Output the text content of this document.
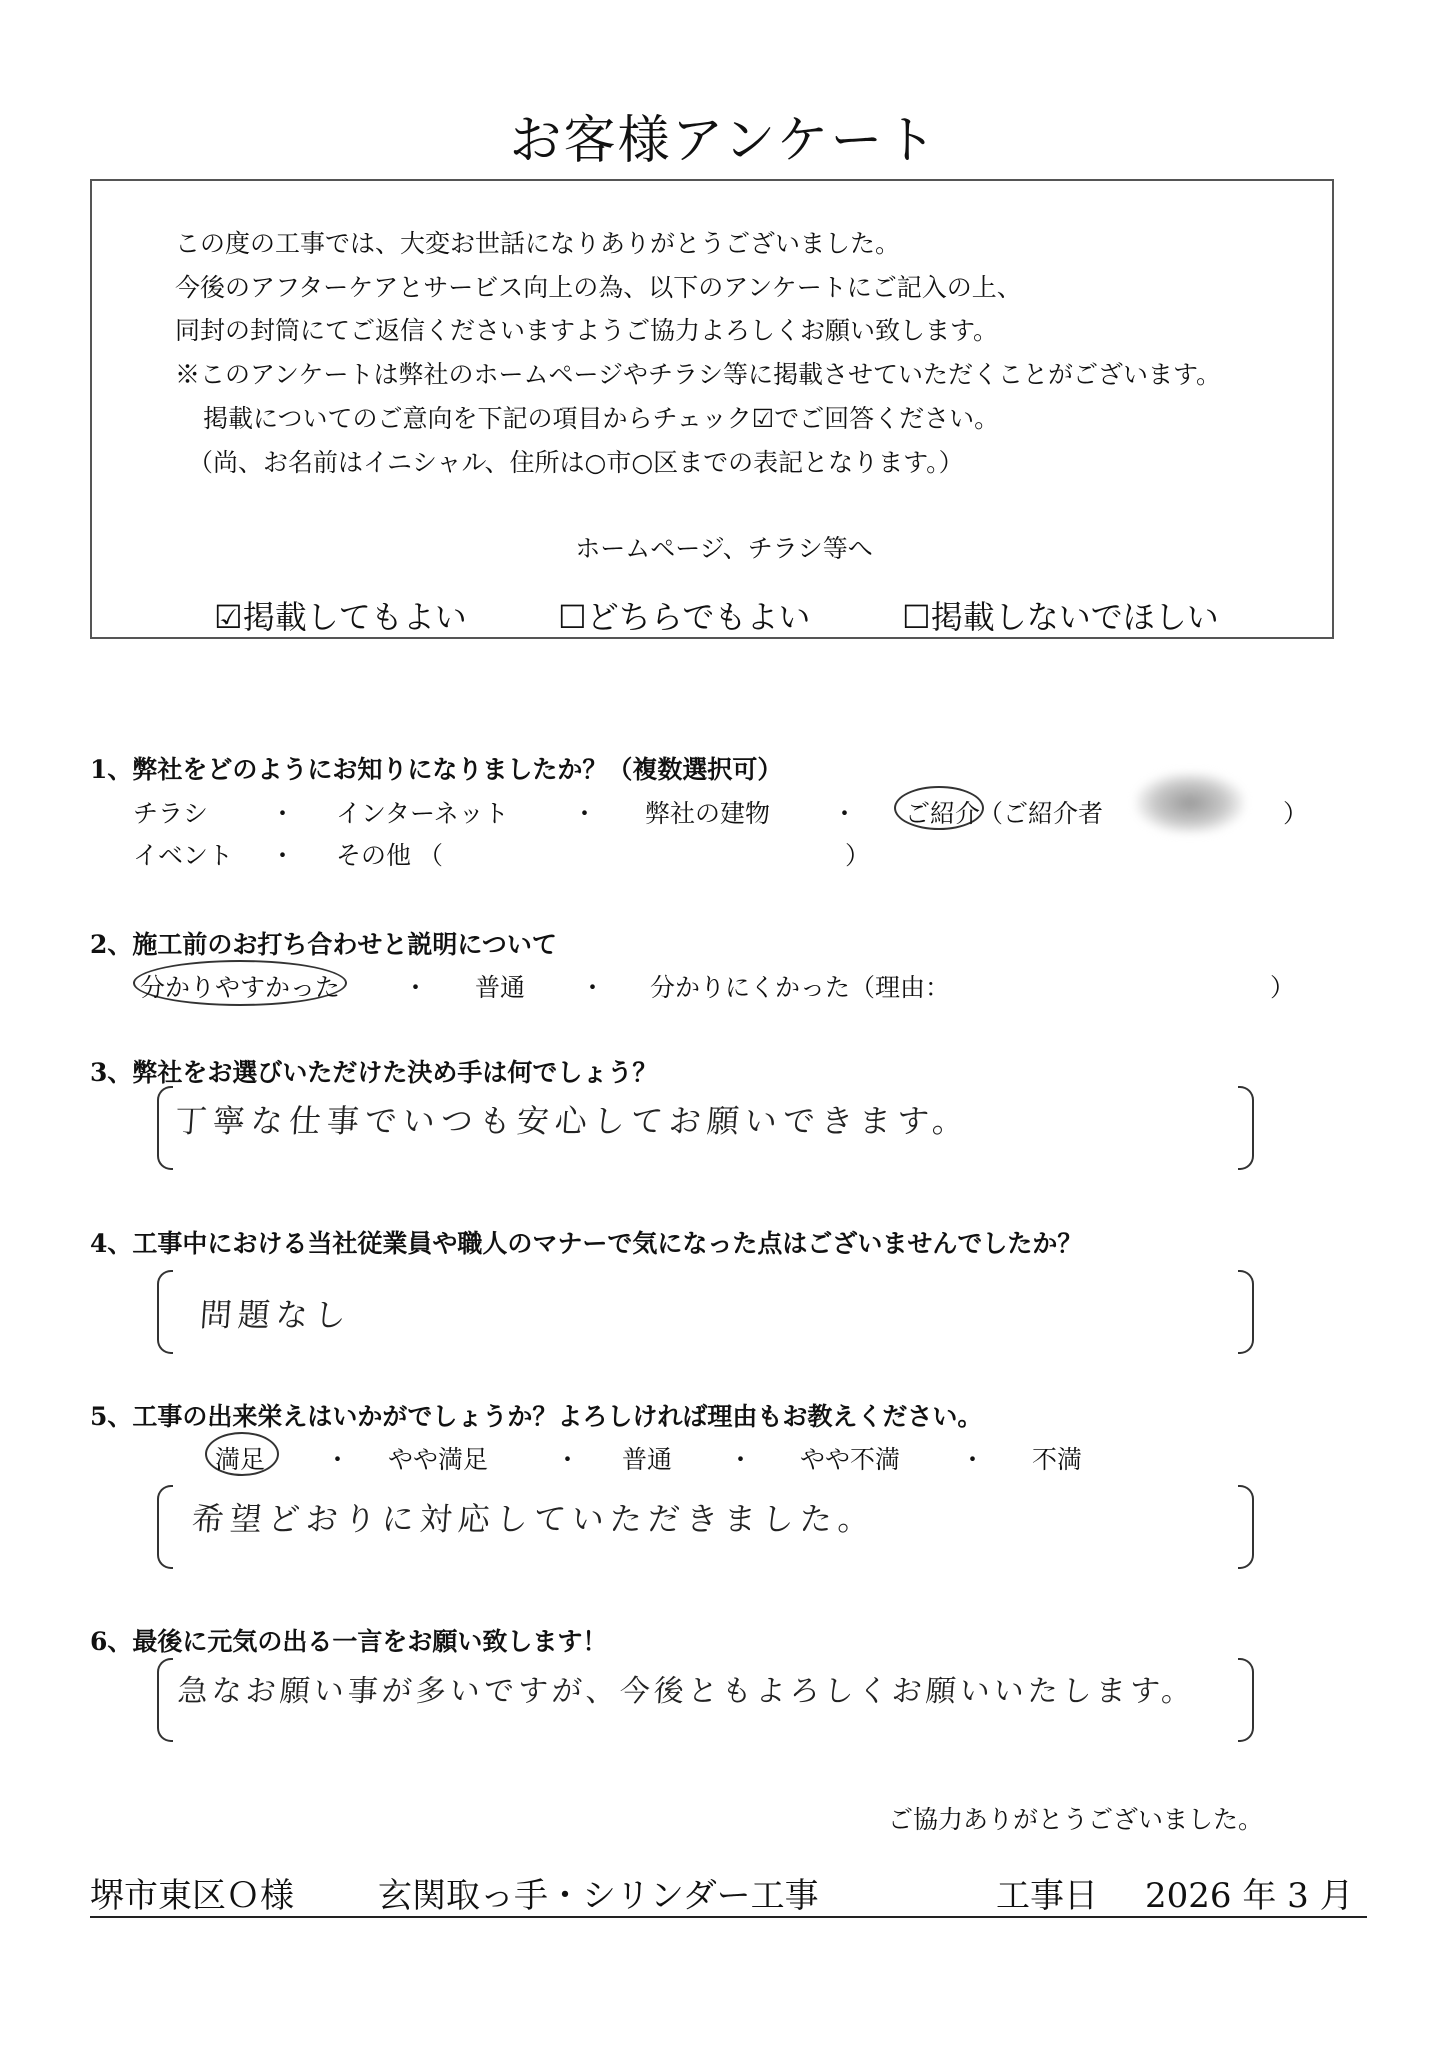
お客様アンケート
この度の工事では、大変お世話になりありがとうございました。
今後のアフターケアとサービス向上の為、以下のアンケートにご記入の上、
同封の封筒にてご返信くださいますようご協力よろしくお願い致します。
※このアンケートは弊社のホームページやチラシ等に掲載させていただくことがございます。
掲載についてのご意向を下記の項目からチェック☑でご回答ください。
（尚、お名前はイニシャル、住所は○市○区までの表記となります。）
ホームページ、チラシ等へ
☑掲載してもよい	☐どちらでもよい	☐掲載しないでほしい
1、弊社をどのようにお知りになりましたか？（複数選択可）
チラシ ・ インターネット	・ 弊社の建物 ・ ご紹介
（ご紹介者	）
イベント ・ その他 （	）
2、施工前のお打ち合わせと説明について
分かりやすかった	・ 普通 ・ 分かりにくかった（理由：	）
3、弊社をお選びいただけた決め手は何でしょう？
丁寧な仕事でいつも安心してお願いできます。
4、工事中における当社従業員や職人のマナーで気になった点はございませんでしたか？
問題なし
5、工事の出来栄えはいかがでしょうか？よろしければ理由もお教えください。
満足 ・ やや満足	・ 普通 ・ やや不満 ・ 不満
希望どおりに対応していただきました。
6、最後に元気の出る一言をお願い致します！
急なお願い事が多いですが、今後ともよろしくお願いいたします。
ご協力ありがとうございました。
堺市東区Ｏ様 玄関取っ手・シリンダー工事	工事日 2026 年 3 月
